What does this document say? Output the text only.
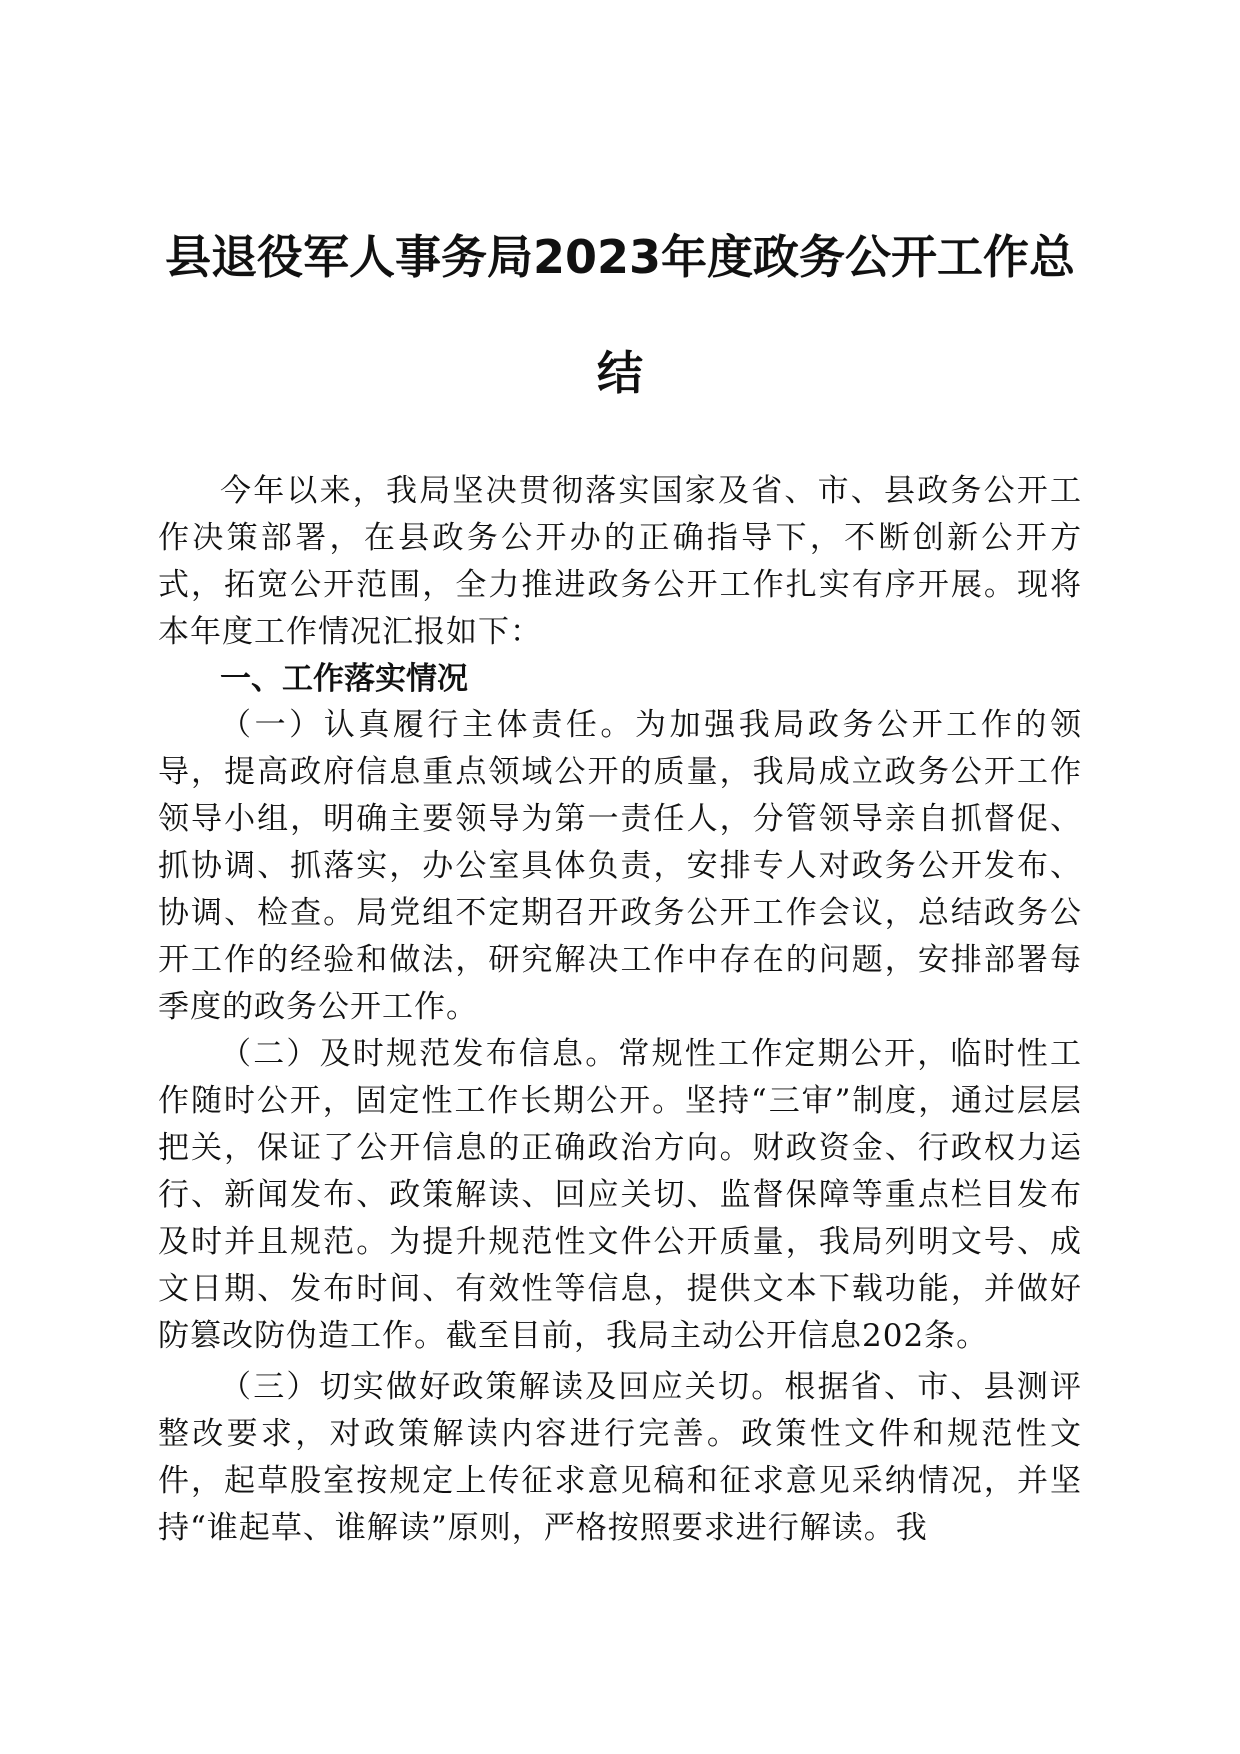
县退役军人事务局2023年度政务公开工作总
结

今年以来，我局坚决贯彻落实国家及省、市、县政务公开工作决策部署，在县政务公开办的正确指导下，不断创新公开方式，拓宽公开范围，全力推进政务公开工作扎实有序开展。现将本年度工作情况汇报如下：

一、工作落实情况

（一）认真履行主体责任。为加强我局政务公开工作的领导，提高政府信息重点领域公开的质量，我局成立政务公开工作领导小组，明确主要领导为第一责任人，分管领导亲自抓督促、抓协调、抓落实，办公室具体负责，安排专人对政务公开发布、协调、检查。局党组不定期召开政务公开工作会议，总结政务公开工作的经验和做法，研究解决工作中存在的问题，安排部署每季度的政务公开工作。

（二）及时规范发布信息。常规性工作定期公开，临时性工作随时公开，固定性工作长期公开。坚持“三审”制度，通过层层把关，保证了公开信息的正确政治方向。财政资金、行政权力运行、新闻发布、政策解读、回应关切、监督保障等重点栏目发布及时并且规范。为提升规范性文件公开质量，我局列明文号、成文日期、发布时间、有效性等信息，提供文本下载功能，并做好防篡改防伪造工作。截至目前，我局主动公开信息202条。

（三）切实做好政策解读及回应关切。根据省、市、县测评整改要求，对政策解读内容进行完善。政策性文件和规范性文件，起草股室按规定上传征求意见稿和征求意见采纳情况，并坚持“谁起草、谁解读”原则，严格按照要求进行解读。我
